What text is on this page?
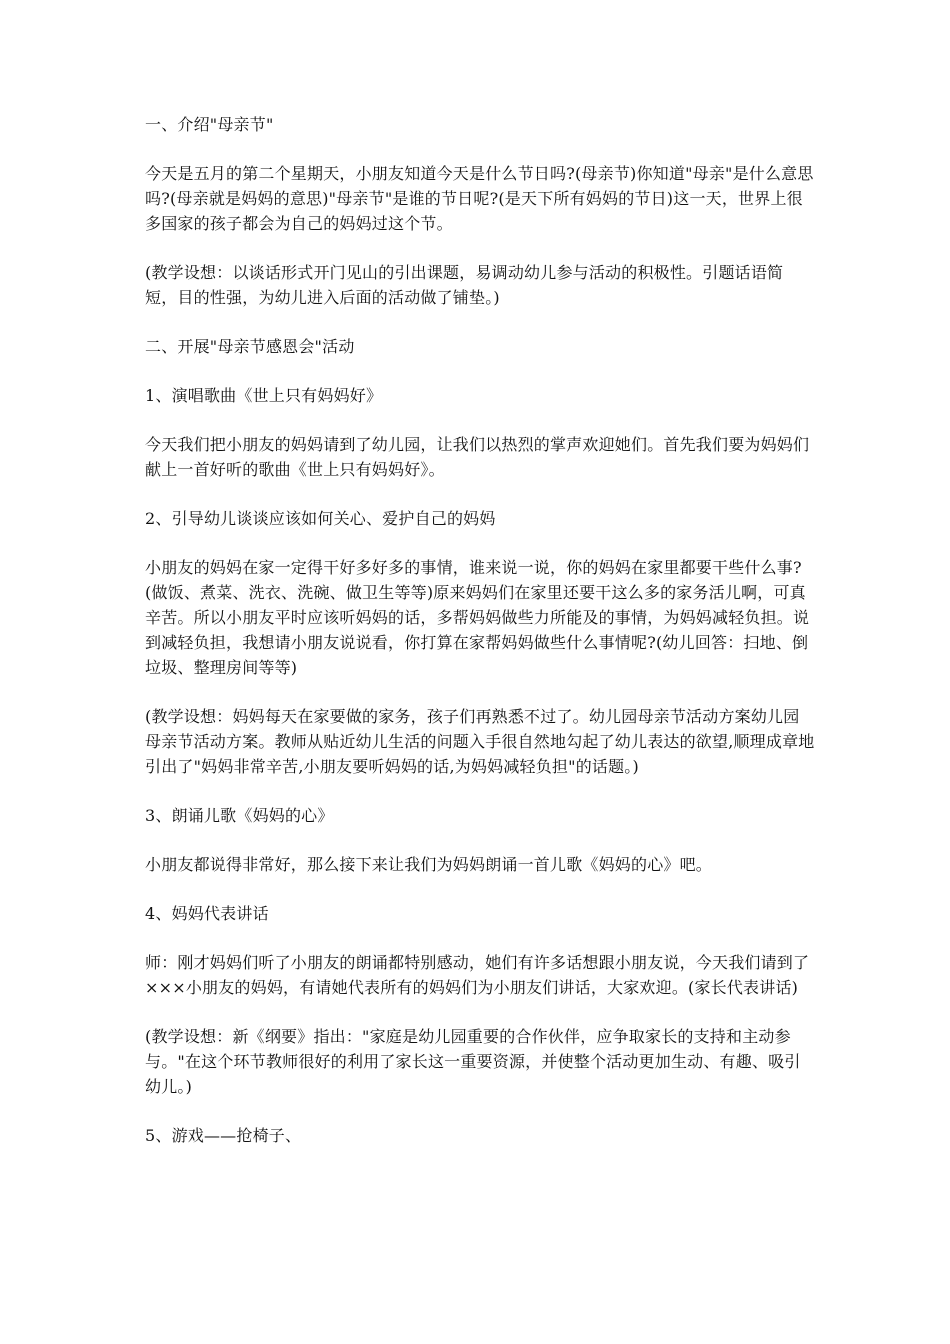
一、介绍"母亲节"

今天是五月的第二个星期天，小朋友知道今天是什么节日吗?(母亲节)你知道"母亲"是什么意思吗?(母亲就是妈妈的意思)"母亲节"是谁的节日呢?(是天下所有妈妈的节日)这一天，世界上很多国家的孩子都会为自己的妈妈过这个节。

(教学设想：以谈话形式开门见山的引出课题，易调动幼儿参与活动的积极性。引题话语简短，目的性强，为幼儿进入后面的活动做了铺垫。)

二、开展"母亲节感恩会"活动

1、演唱歌曲《世上只有妈妈好》

今天我们把小朋友的妈妈请到了幼儿园，让我们以热烈的掌声欢迎她们。首先我们要为妈妈们献上一首好听的歌曲《世上只有妈妈好》。

2、引导幼儿谈谈应该如何关心、爱护自己的妈妈

小朋友的妈妈在家一定得干好多好多的事情，谁来说一说，你的妈妈在家里都要干些什么事?(做饭、煮菜、洗衣、洗碗、做卫生等等)原来妈妈们在家里还要干这么多的家务活儿啊，可真辛苦。所以小朋友平时应该听妈妈的话，多帮妈妈做些力所能及的事情，为妈妈减轻负担。说到减轻负担，我想请小朋友说说看，你打算在家帮妈妈做些什么事情呢?(幼儿回答：扫地、倒垃圾、整理房间等等)

(教学设想：妈妈每天在家要做的家务，孩子们再熟悉不过了。幼儿园母亲节活动方案幼儿园母亲节活动方案。教师从贴近幼儿生活的问题入手很自然地勾起了幼儿表达的欲望,顺理成章地引出了"妈妈非常辛苦,小朋友要听妈妈的话,为妈妈减轻负担"的话题。)

3、朗诵儿歌《妈妈的心》

小朋友都说得非常好，那么接下来让我们为妈妈朗诵一首儿歌《妈妈的心》吧。

4、妈妈代表讲话

师：刚才妈妈们听了小朋友的朗诵都特别感动，她们有许多话想跟小朋友说，今天我们请到了×××小朋友的妈妈，有请她代表所有的妈妈们为小朋友们讲话，大家欢迎。(家长代表讲话)

(教学设想：新《纲要》指出："家庭是幼儿园重要的合作伙伴，应争取家长的支持和主动参与。"在这个环节教师很好的利用了家长这一重要资源，并使整个活动更加生动、有趣、吸引幼儿。)

5、游戏——抢椅子、
